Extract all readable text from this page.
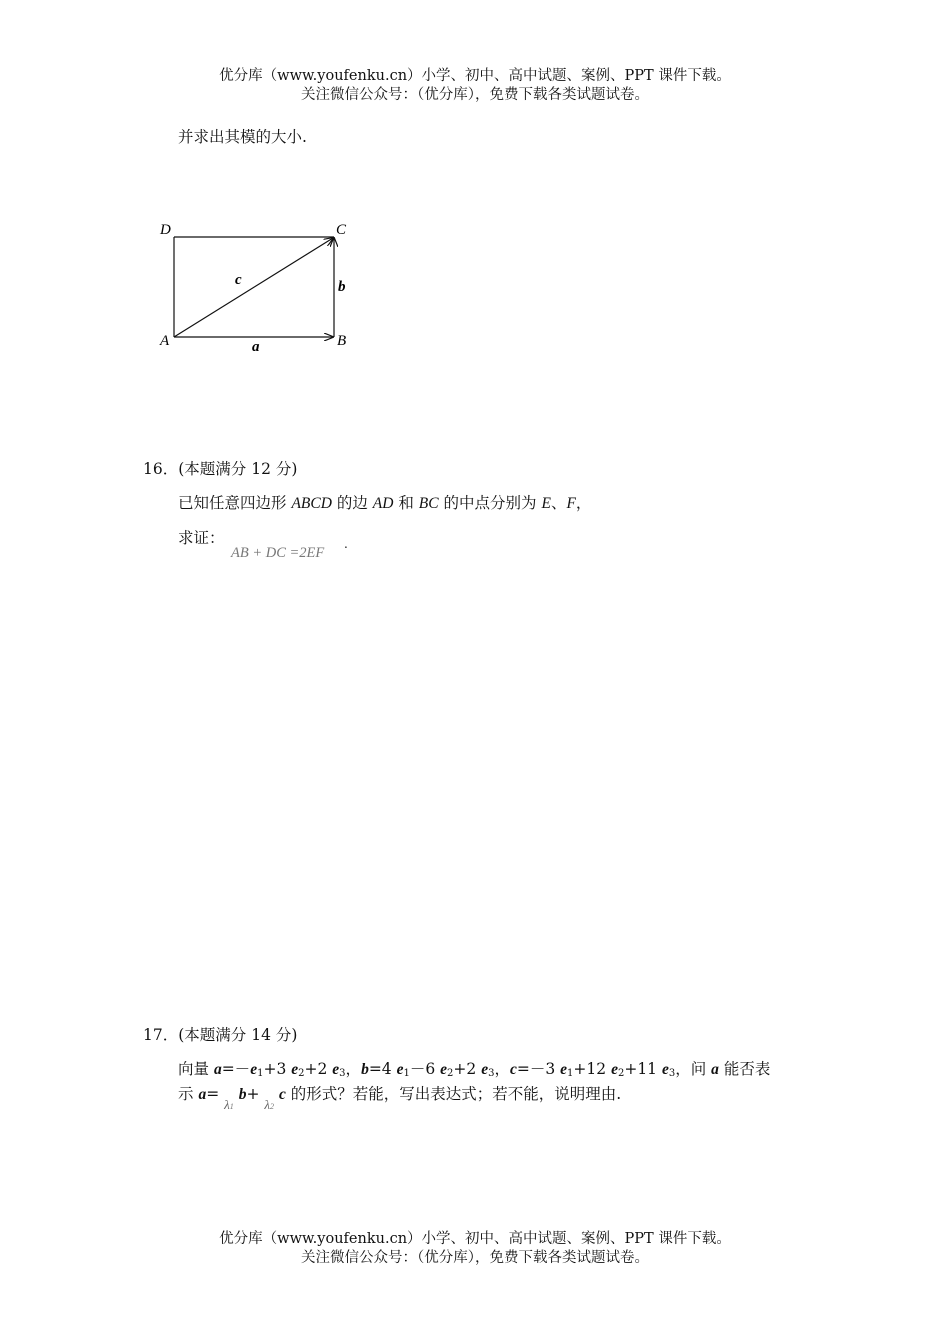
优分库（www.youfenku.cn）小学、初中、高中试题、案例、PPT 课件下载。
关注微信公众号：（优分库），免费下载各类试题试卷。
并求出其模的大小.
D	C
A	B
a
b
c
16．(本题满分 12 分)
已知任意四边形 ABCD 的边 AD 和 BC 的中点分别为 E、F，
求证：
AB + DC =2EF
.
17．(本题满分 14 分)
向量 $a=-e_1+3$ $e_2+2$ $e_3$，b=4 $e_1-6$ $e_2+2$ $e_3$，c=－3 $e_1+12$ $e_2+11$ $e_3$，问 a 能否表
示 a= $_{\lambda 1}$ b+ $_{\lambda 2}$ c 的形式？若能，写出表达式；若不能，说明理由.
优分库（www.youfenku.cn）小学、初中、高中试题、案例、PPT 课件下载。
关注微信公众号：（优分库），免费下载各类试题试卷。
